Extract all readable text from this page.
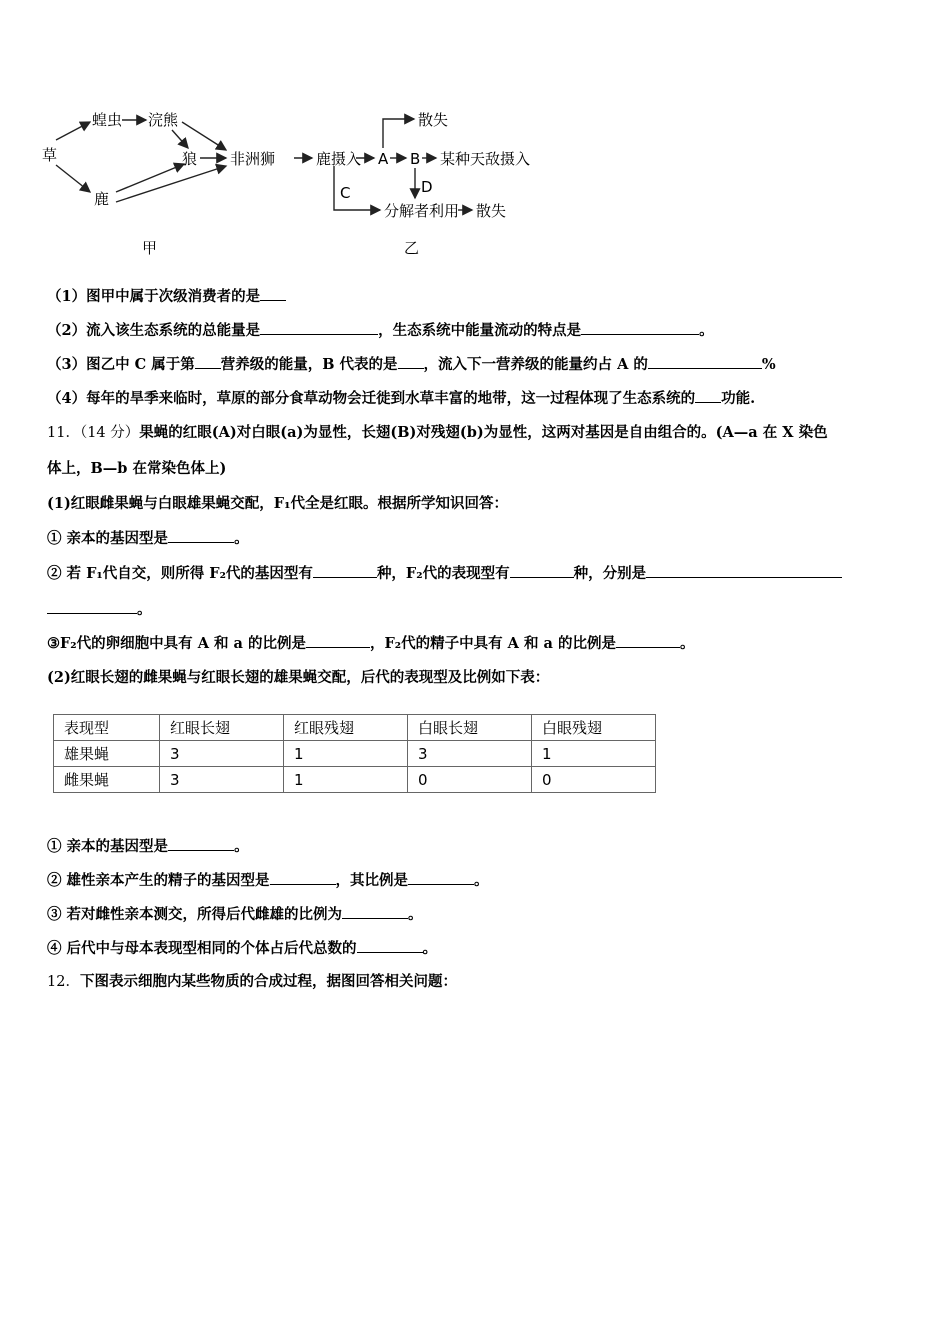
草
蝗虫 浣熊
狼 非洲狮
鹿
甲
鹿摄入 A B 某种天敌摄入
散失
C	D
分解者利用 散失
乙
（1）图甲中属于次级消费者的是
（2）流入该生态系统的总能量是	，生态系统中能量流动的特点是	。
（3）图乙中 C 属于第 营养级的能量，B 代表的是 ，流入下一营养级的能量约占 A 的	%
（4）每年的旱季来临时，草原的部分食草动物会迁徙到水草丰富的地带，这一过程体现了生态系统的 功能.
11．（14 分）果蝇的红眼(A)对白眼(a)为显性，长翅(B)对残翅(b)为显性，这两对基因是自由组合的。(A—a 在 X 染色
体上，B—b 在常染色体上)
(1)红眼雌果蝇与白眼雄果蝇交配，F₁代全是红眼。根据所学知识回答：
① 亲本的基因型是	。
② 若 F₁代自交，则所得 F₂代的基因型有	种，F₂代的表现型有	种，分别是
。
③F₂代的卵细胞中具有 A 和 a 的比例是	，F₂代的精子中具有 A 和 a 的比例是	。
(2)红眼长翅的雌果蝇与红眼长翅的雄果蝇交配，后代的表现型及比例如下表：
表现型	红眼长翅	红眼残翅	白眼长翅	白眼残翅
雄果蝇	3	1	3	1
雌果蝇	3	1	0	0
① 亲本的基因型是	。
② 雄性亲本产生的精子的基因型是	，其比例是	。
③ 若对雌性亲本测交，所得后代雌雄的比例为	。
④ 后代中与母本表现型相同的个体占后代总数的	。
12．下图表示细胞内某些物质的合成过程，据图回答相关问题：
